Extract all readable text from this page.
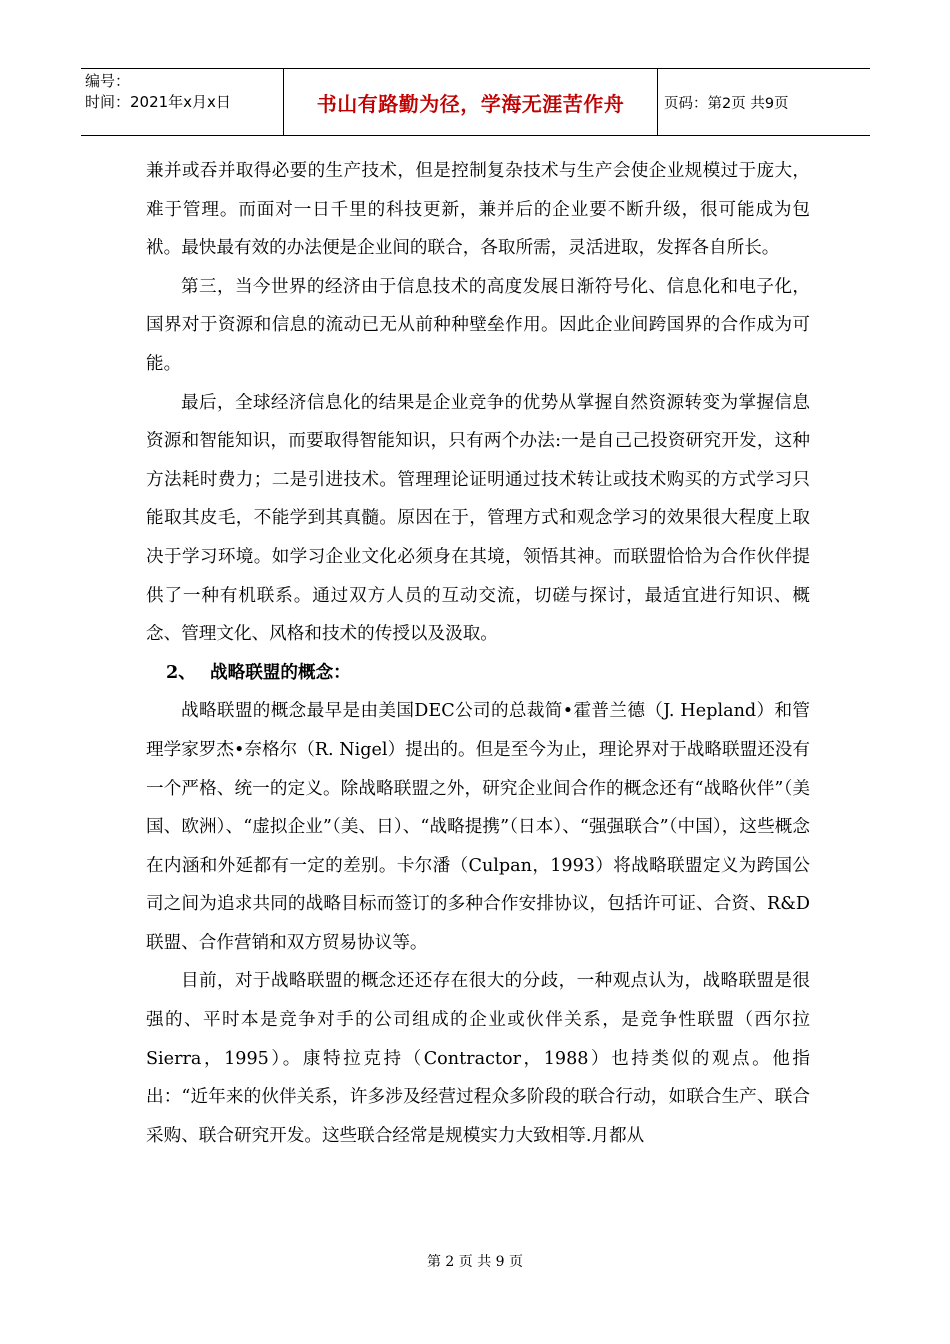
编号：
时间：2021年x月x日	书山有路勤为径，学海无涯苦作舟	页码：第2页 共9页

兼并或吞并取得必要的生产技术，但是控制复杂技术与生产会使企业规模过于庞大，难于管理。而面对一日千里的科技更新，兼并后的企业要不断升级，很可能成为包袱。最快最有效的办法便是企业间的联合，各取所需，灵活进取，发挥各自所长。

第三，当今世界的经济由于信息技术的高度发展日渐符号化、信息化和电子化，国界对于资源和信息的流动已无从前种种壁垒作用。因此企业间跨国界的合作成为可能。

最后，全球经济信息化的结果是企业竞争的优势从掌握自然资源转变为掌握信息资源和智能知识，而要取得智能知识，只有两个办法:一是自己己投资研究开发，这种方法耗时费力；二是引进技术。管理理论证明通过技术转让或技术购买的方式学习只能取其皮毛，不能学到其真髓。原因在于，管理方式和观念学习的效果很大程度上取决于学习环境。如学习企业文化必须身在其境，领悟其神。而联盟恰恰为合作伙伴提供了一种有机联系。通过双方人员的互动交流，切磋与探讨，最适宜进行知识、概念、管理文化、风格和技术的传授以及汲取。

2、 战略联盟的概念：

战略联盟的概念最早是由美国DEC公司的总裁简•霍普兰德（J. Hepland）和管理学家罗杰•奈格尔（R. Nigel）提出的。但是至今为止，理论界对于战略联盟还没有一个严格、统一的定义。除战略联盟之外，研究企业间合作的概念还有“战略伙伴”（美国、欧洲）、“虚拟企业”（美、日）、“战略提携”（日本）、“强强联合”（中国），这些概念在内涵和外延都有一定的差别。卡尔潘（Culpan，1993）将战略联盟定义为跨国公司之间为追求共同的战略目标而签订的多种合作安排协议，包括许可证、合资、R&D联盟、合作营销和双方贸易协议等。

目前，对于战略联盟的概念还还存在很大的分歧，一种观点认为，战略联盟是很强的、平时本是竞争对手的公司组成的企业或伙伴关系，是竞争性联盟（西尔拉 Sierra，1995）。康特拉克持（Contractor，1988）也持类似的观点。他指出：“近年来的伙伴关系，许多涉及经营过程众多阶段的联合行动，如联合生产、联合采购、联合研究开发。这些联合经常是规模实力大致相等.月都从

第 2 页 共 9 页
